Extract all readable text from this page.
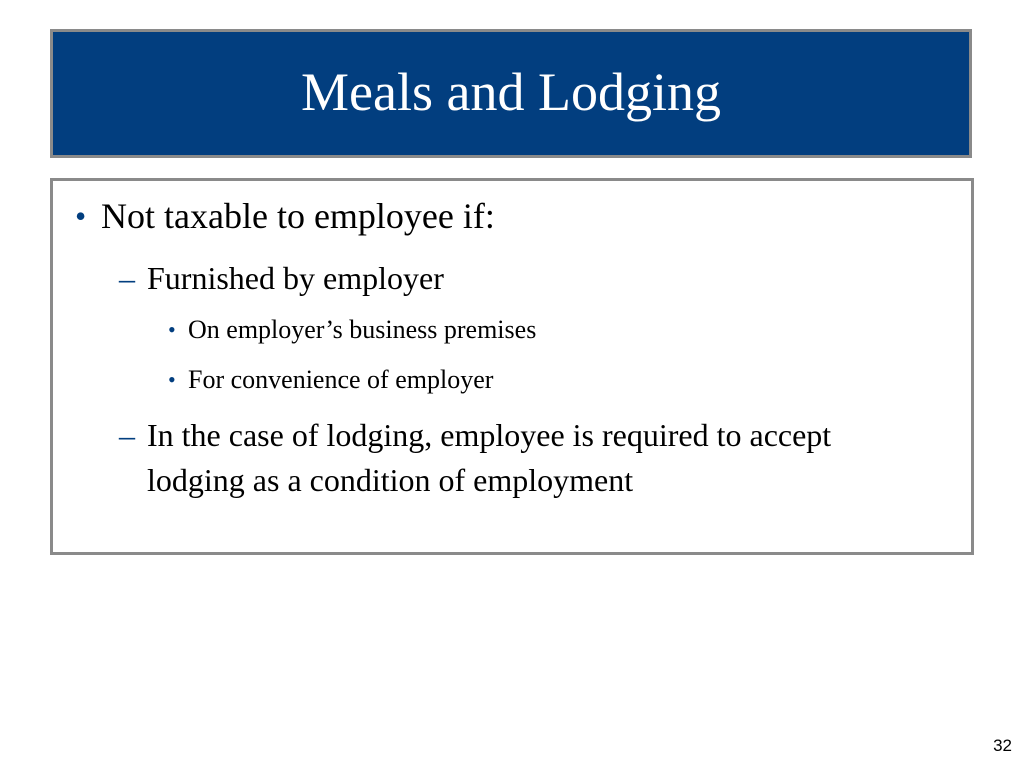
Meals and Lodging
• Not taxable to employee if:
– Furnished by employer
• On employer’s business premises
• For convenience of employer
– In the case of lodging, employee is required to accept lodging as a condition of employment
32
